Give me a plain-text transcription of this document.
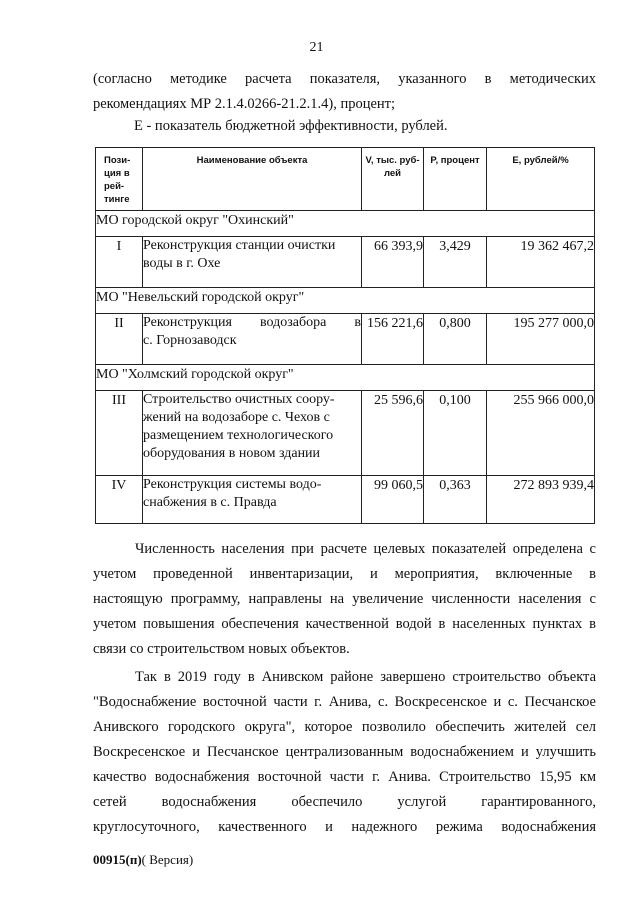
21
(согласно методике расчета показателя, указанного в методических
рекомендациях МР 2.1.4.0266-21.2.1.4), процент;
Е - показатель бюджетной эффективности, рублей.
Пози-
ция в
рей-
тинге	Наименование объекта	V, тыс. руб-
лей	P, процент	E, рублей/%
МО городской округ "Охинский"				
I	Реконструкция станции очистки
воды в г. Охе	66 393,9	3,429	19 362 467,2
МО "Невельский городской округ"				
II	Реконструкция водозабора в
с. Горнозаводск	156 221,6	0,800	195 277 000,0
МО "Холмский городской округ"				
III	Строительство очистных соору-
жений на водозаборе с. Чехов с
размещением технологического
оборудования в новом здании	25 596,6	0,100	255 966 000,0
IV	Реконструкция системы водо-
снабжения в с. Правда	99 060,5	0,363	272 893 939,4
Численность населения при расчете целевых показателей определена с
учетом проведенной инвентаризации, и мероприятия, включенные в
настоящую программу, направлены на увеличение численности населения с
учетом повышения обеспечения качественной водой в населенных пунктах в
связи со строительством новых объектов.
Так в 2019 году в Анивском районе завершено строительство объекта
"Водоснабжение восточной части г. Анива, с. Воскресенское и с. Песчанское
Анивского городского округа", которое позволило обеспечить жителей сел
Воскресенское и Песчанское централизованным водоснабжением и улучшить
качество водоснабжения восточной части г. Анива. Строительство 15,95 км
сетей водоснабжения обеспечило услугой гарантированного,
круглосуточного, качественного и надежного режима водоснабжения
00915(п)( Версия)
